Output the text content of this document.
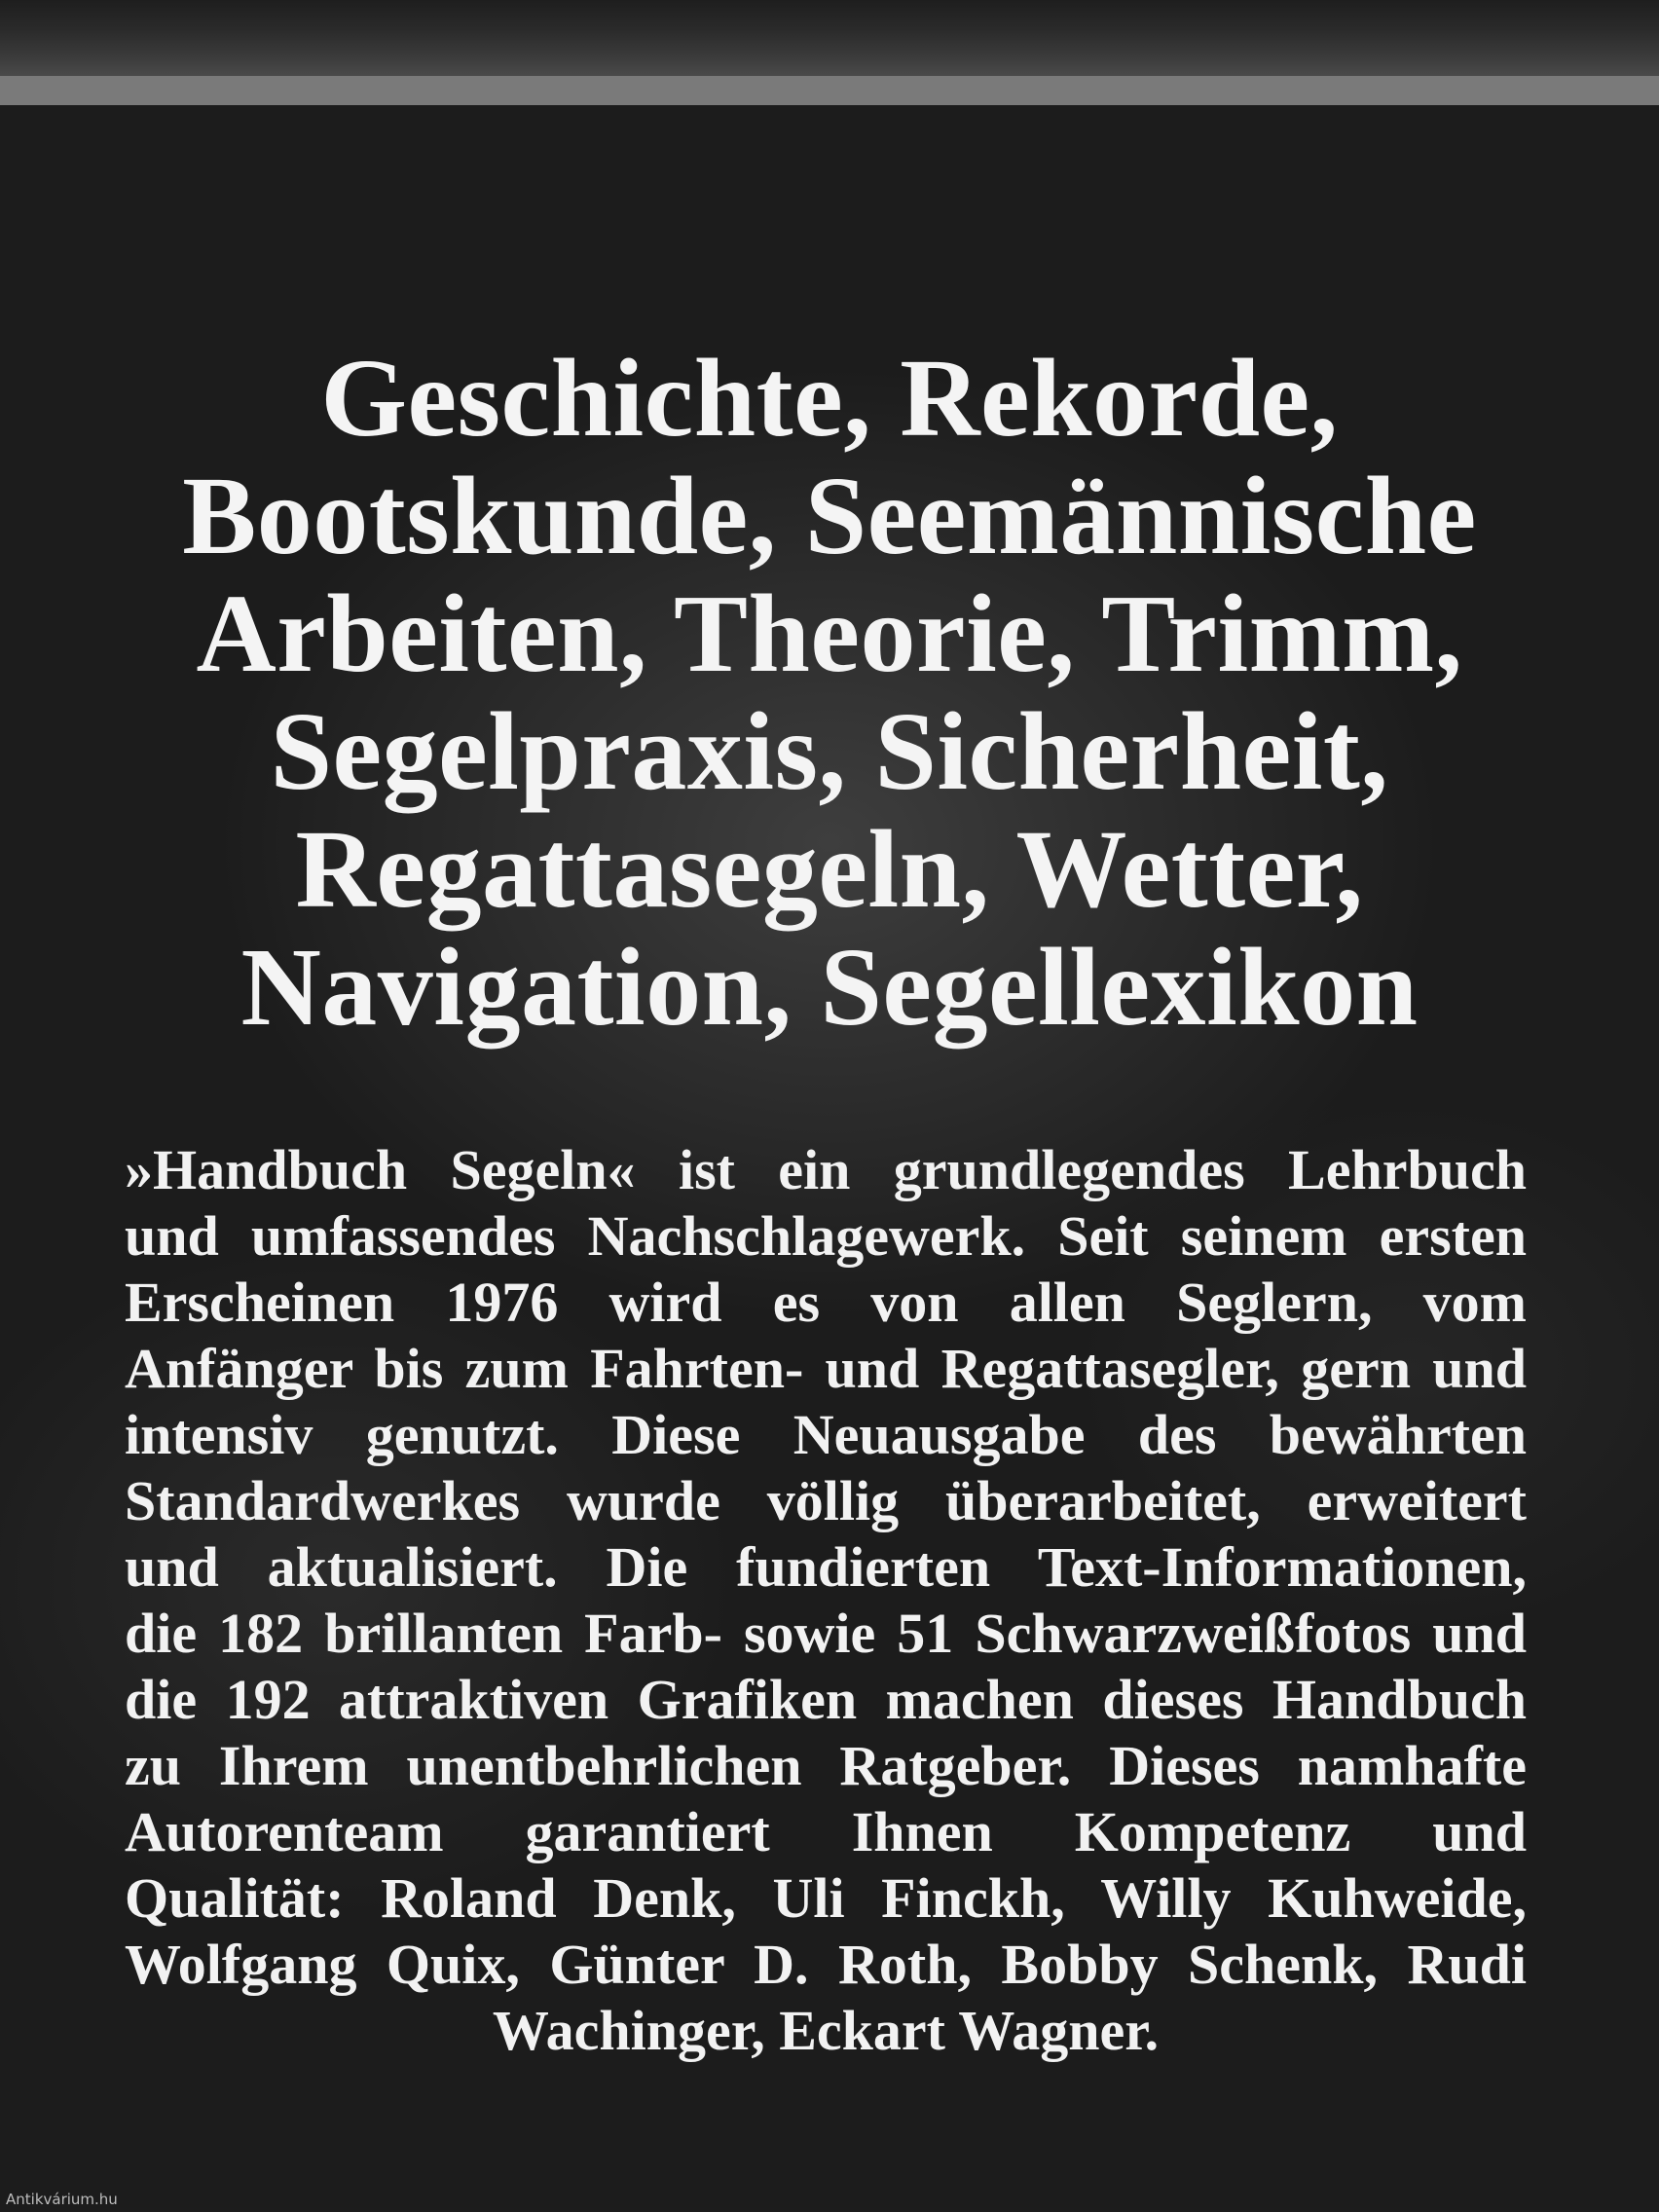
Geschichte, Rekorde,
Bootskunde, Seemännische
Arbeiten, Theorie, Trimm,
Segelpraxis, Sicherheit,
Regattasegeln, Wetter,
Navigation, Segellexikon

»Handbuch Segeln« ist ein grundlegendes Lehrbuch
und umfassendes Nachschlagewerk. Seit seinem ersten
Erscheinen 1976 wird es von allen Seglern, vom
Anfänger bis zum Fahrten- und Regattasegler, gern und
intensiv genutzt. Diese Neuausgabe des bewährten
Standardwerkes wurde völlig überarbeitet, erweitert
und aktualisiert. Die fundierten Text-Informationen,
die 182 brillanten Farb- sowie 51 Schwarzweißfotos und
die 192 attraktiven Grafiken machen dieses Handbuch
zu Ihrem unentbehrlichen Ratgeber. Dieses namhafte
Autorenteam garantiert Ihnen Kompetenz und
Qualität: Roland Denk, Uli Finckh, Willy Kuhweide,
Wolfgang Quix, Günter D. Roth, Bobby Schenk, Rudi
Wachinger, Eckart Wagner.

Antikvárium.hu
